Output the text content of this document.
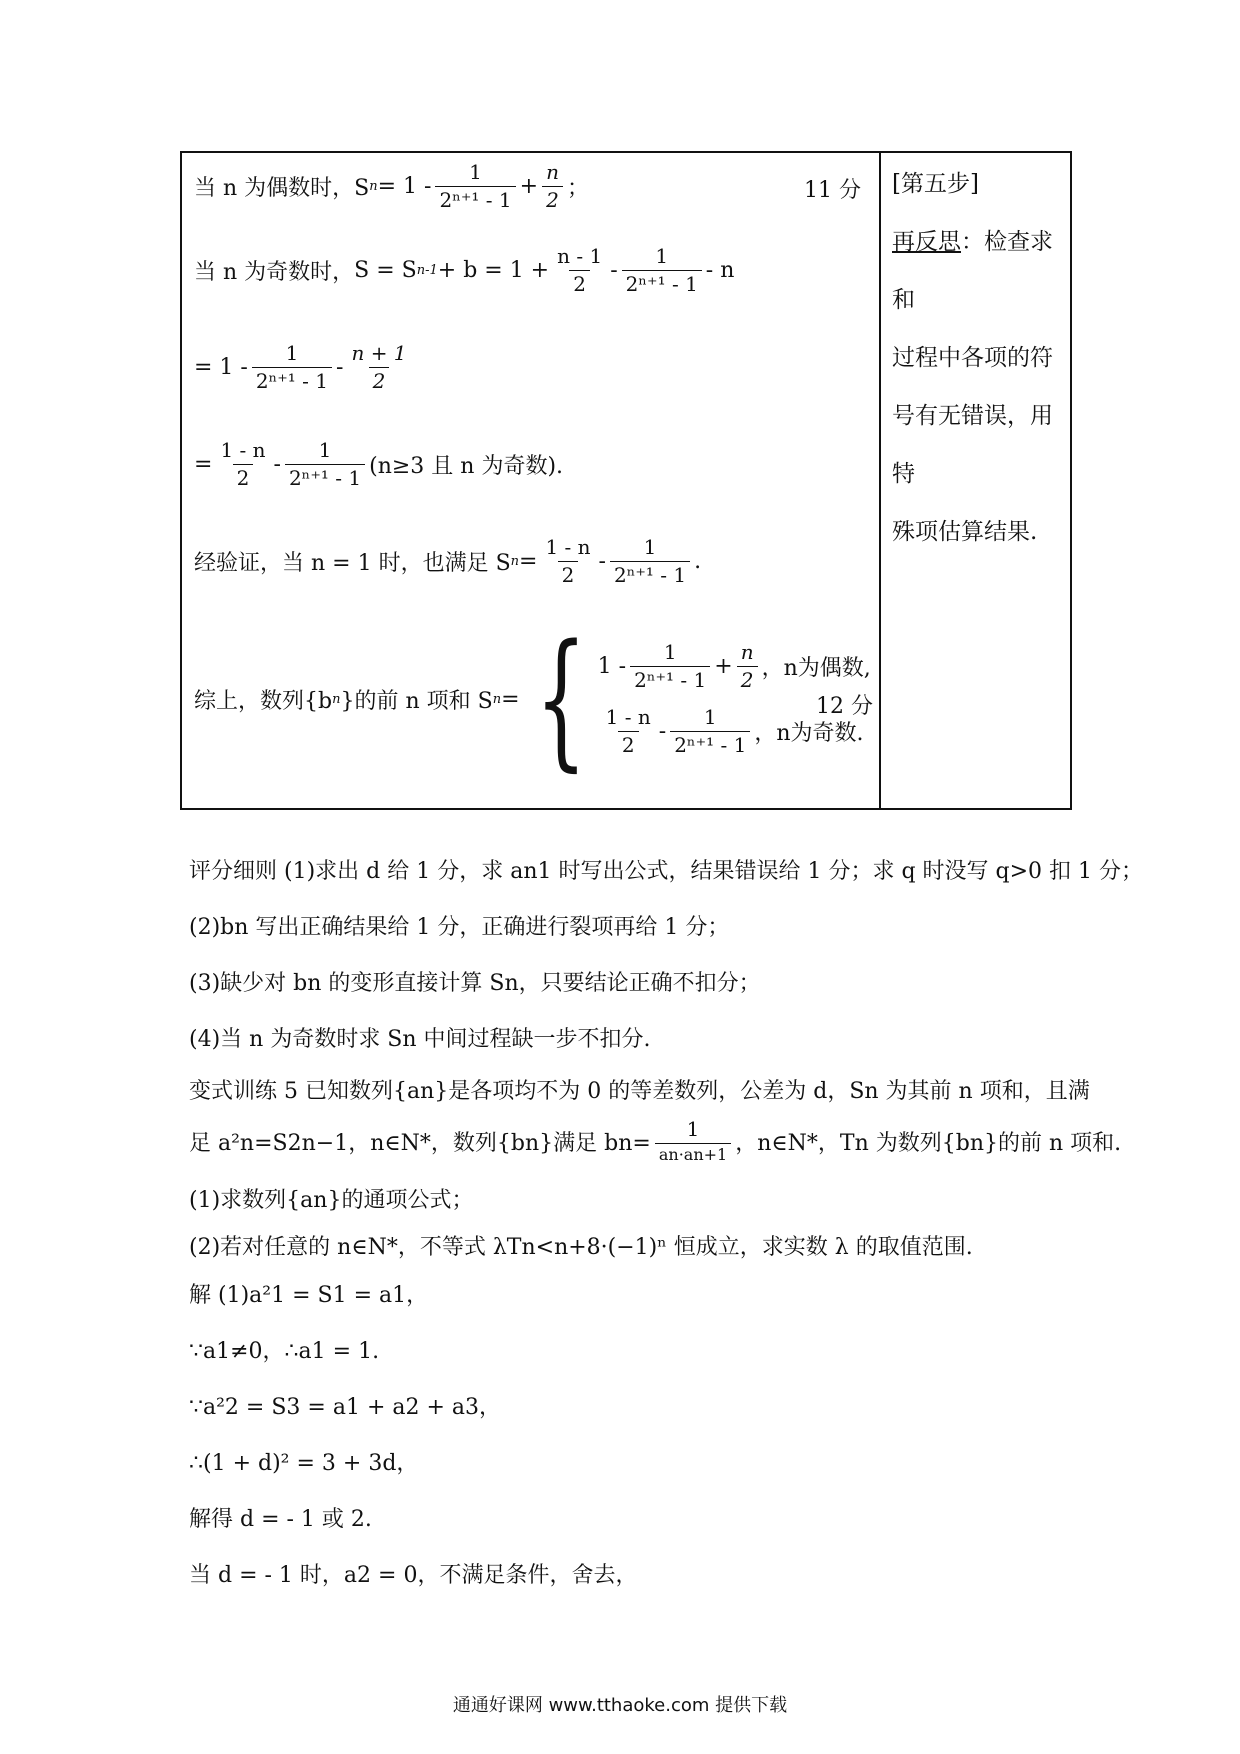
当 n 为偶数时，S $n = 1 - \frac{1}{\text{2ⁿ⁺¹ - 1}} + \frac{n}{2}$ ；	11 分
当 n 为奇数时， S = S $n-1 + b = 1 + \frac{n - 1}{2} - \frac{1}{\text{2ⁿ⁺¹ - 1}} - n$
= $1 - \frac{1}{\text{2ⁿ⁺¹ - 1}} - \frac{n + 1}{2}$
= $\frac{1 - n}{2} - \frac{1}{\text{2ⁿ⁺¹ - 1}} (n\ge 3$ 且 n 为奇数).
经验证，当 n = 1 时，也满足 S $n = \frac{1 - n}{2} - \frac{1}{\text{2ⁿ⁺¹ - 1}}$ .
综上，数列{b n }的前 n 项和 S n = { $1 - \frac{1}{\text{2ⁿ⁺¹ - 1}} + \frac{n}{2}$ ，n为偶数,
$\frac{1 - n}{2} - \frac{1}{\text{2ⁿ⁺¹ - 1}}$ ，n为奇数.
12 分
[第五步]
再反思：检查求和
过程中各项的符
号有无错误，用特
殊项估算结果.
评分细则 (1)求出 d 给 1 分，求 an1 时写出公式，结果错误给 1 分；求 q 时没写 q>0 扣 1 分；
(2)bn 写出正确结果给 1 分，正确进行裂项再给 1 分；
(3)缺少对 bn 的变形直接计算 Sn，只要结论正确不扣分；
(4)当 n 为奇数时求 Sn 中间过程缺一步不扣分.
变式训练 5 已知数列{an}是各项均不为 0 的等差数列，公差为 d，Sn 为其前 n 项和，且满
足 a²n=S2n−1，n∈N*，数列{bn}满足 $bn= \frac{1}{an\cdot an+1}$ ，n∈N*，Tn 为数列{bn}的前 n 项和.
(1)求数列{an}的通项公式；
(2)若对任意的 n∈N*，不等式 λTn<n+8·(−1)ⁿ 恒成立，求实数 λ 的取值范围.
解 (1)a²1 = S1 = a1，
∵a1≠0，∴a1 = 1.
∵a²2 = S3 = a1 + a2 + a3，
∴(1 + d)² = 3 + 3d，
解得 d = - 1 或 2.
当 d = - 1 时，a2 = 0，不满足条件，舍去，
通通好课网 www.tthaoke.com 提供下载
